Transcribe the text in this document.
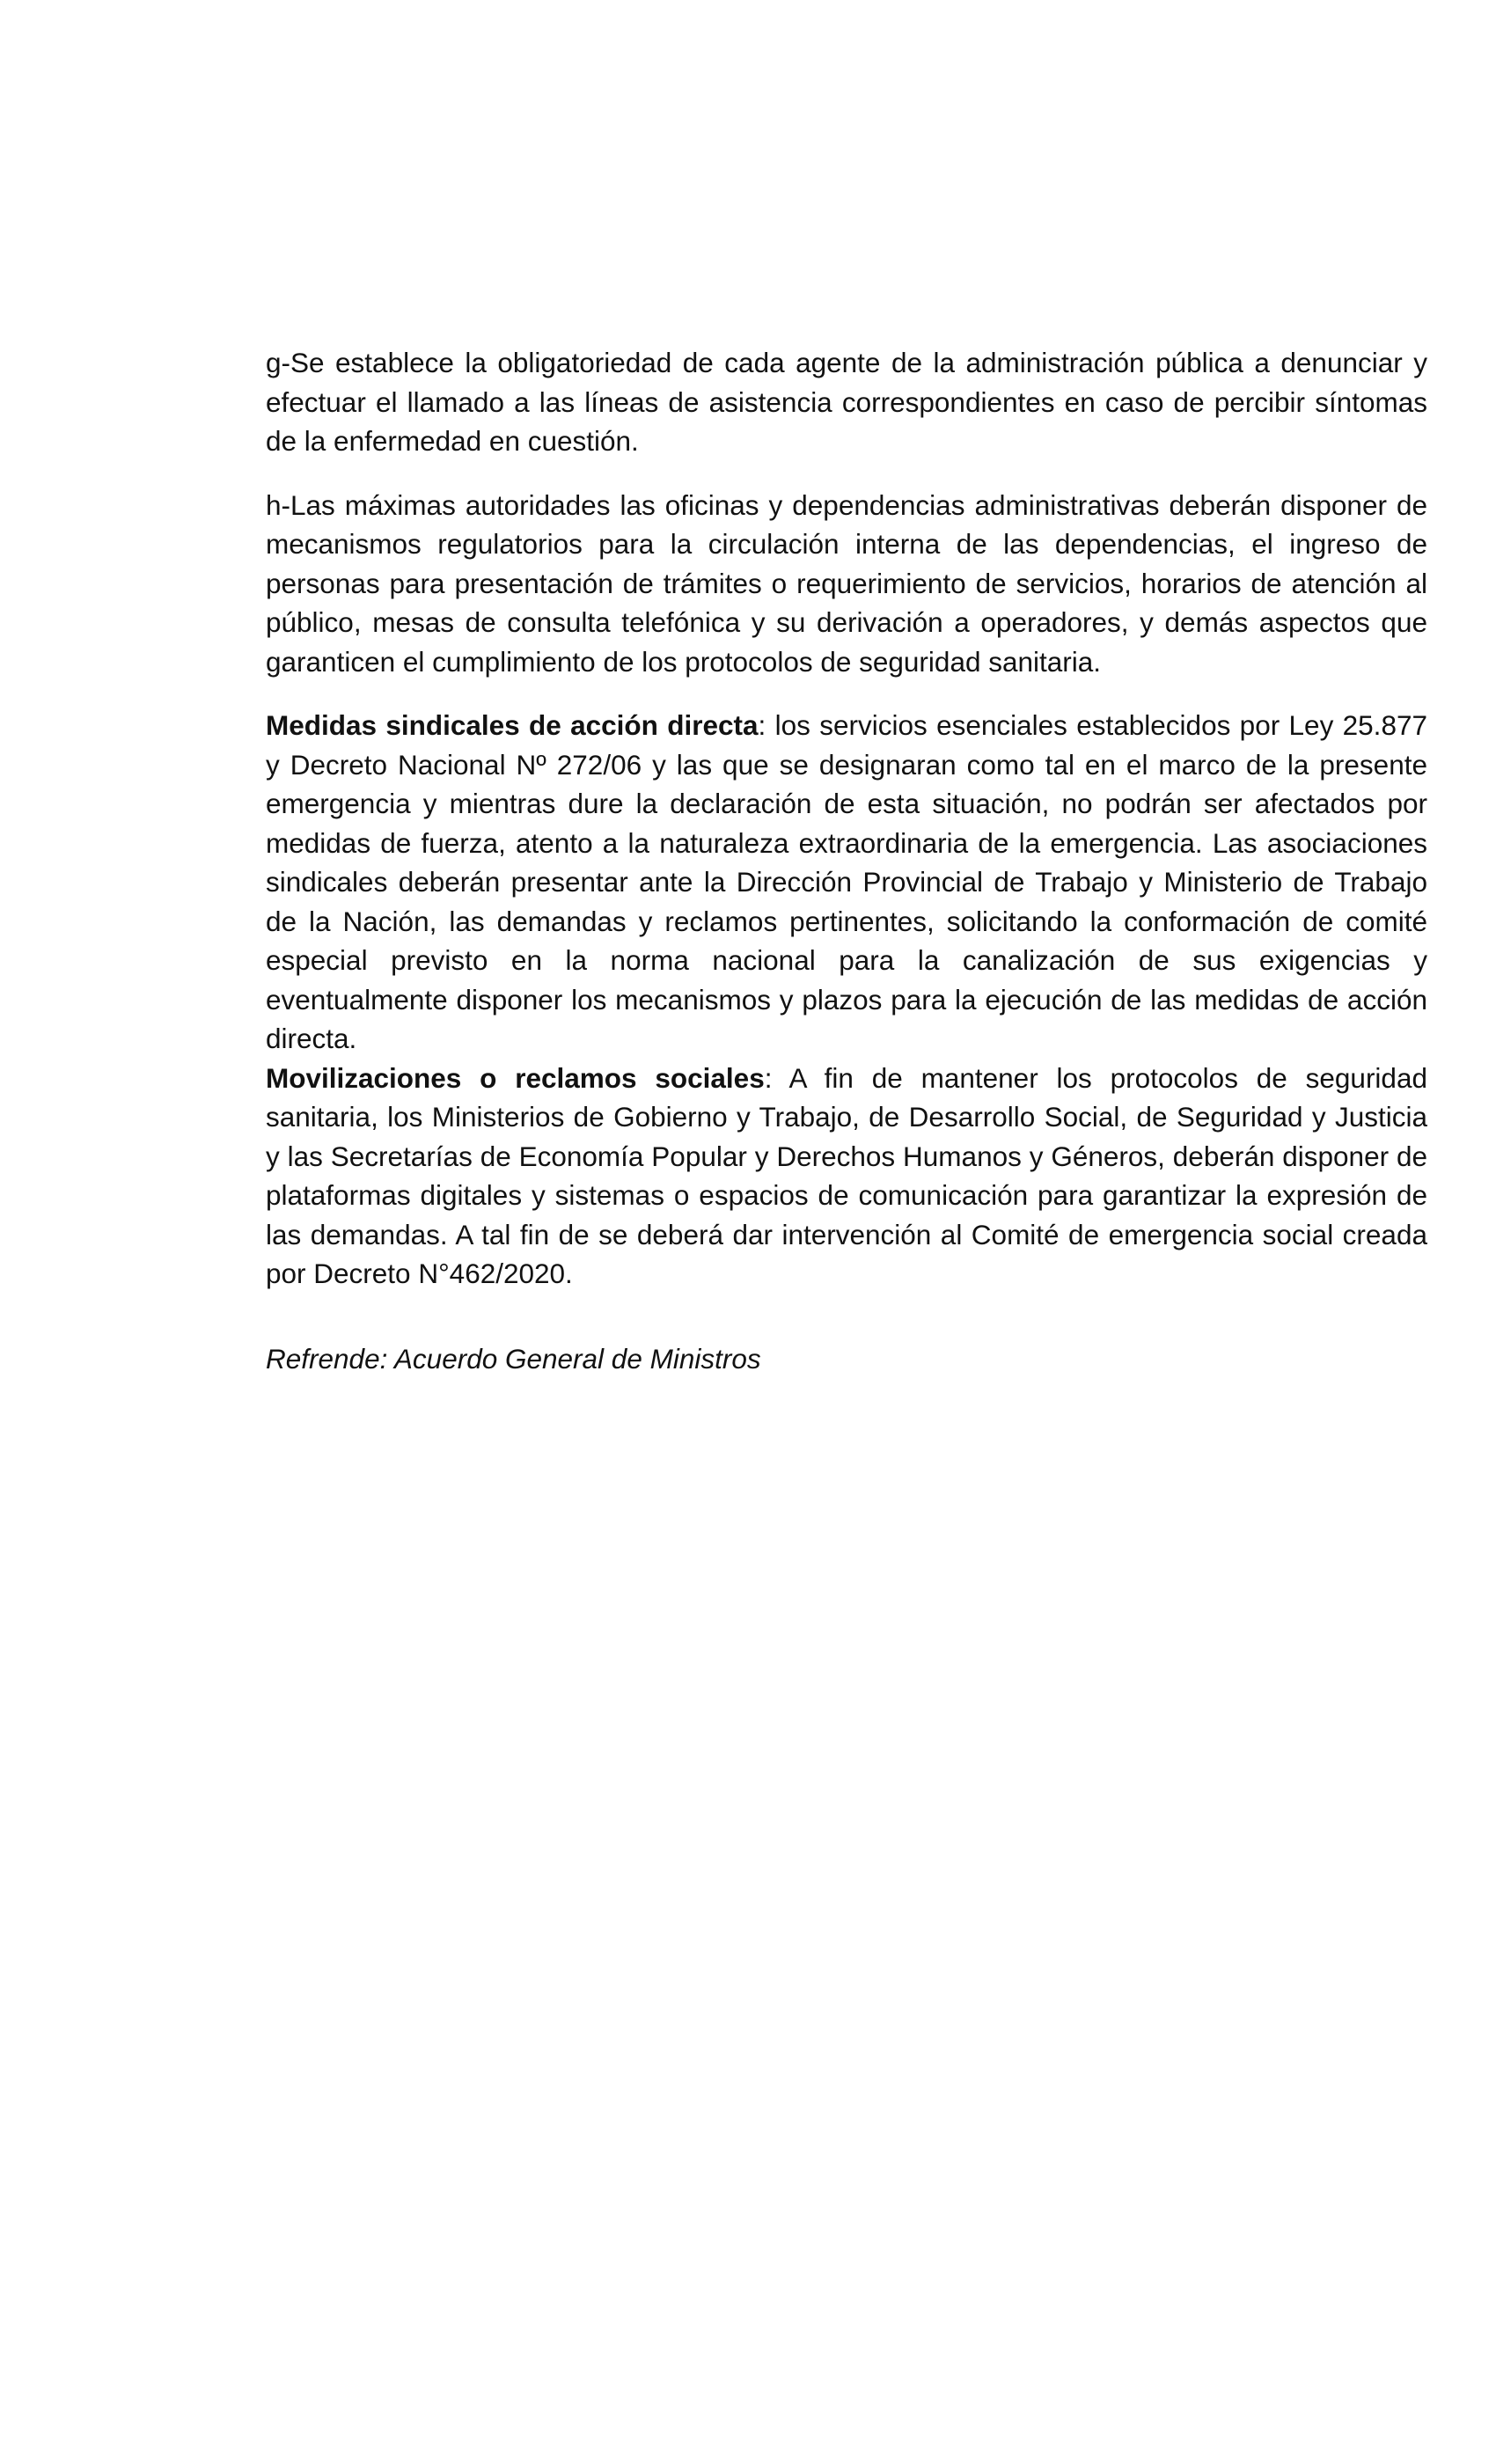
g-Se establece la obligatoriedad de cada agente de la administración pública a denunciar y efectuar el llamado a las líneas de asistencia correspondientes en caso de percibir síntomas de la enfermedad en cuestión.

h-Las máximas autoridades las oficinas y dependencias administrativas deberán disponer de mecanismos regulatorios para la circulación interna de las dependencias, el ingreso de personas para presentación de trámites o requerimiento de servicios, horarios de atención al público, mesas de consulta telefónica y su derivación a operadores, y demás aspectos que garanticen el cumplimiento de los protocolos de seguridad sanitaria.

Medidas sindicales de acción directa: los servicios esenciales establecidos por Ley 25.877 y Decreto Nacional Nº 272/06 y las que se designaran como tal en el marco de la presente emergencia y mientras dure la declaración de esta situación, no podrán ser afectados por medidas de fuerza, atento a la naturaleza extraordinaria de la emergencia. Las asociaciones sindicales deberán presentar ante la Dirección Provincial de Trabajo y Ministerio de Trabajo de la Nación, las demandas y reclamos pertinentes, solicitando la conformación de comité especial previsto en la norma nacional para la canalización de sus exigencias y eventualmente disponer los mecanismos y plazos para la ejecución de las medidas de acción directa.

Movilizaciones o reclamos sociales: A fin de mantener los protocolos de seguridad sanitaria, los Ministerios de Gobierno y Trabajo, de Desarrollo Social, de Seguridad y Justicia y las Secretarías de Economía Popular y Derechos Humanos y Géneros, deberán disponer de plataformas digitales y sistemas o espacios de comunicación para garantizar la expresión de las demandas. A tal fin de se deberá dar intervención al Comité de emergencia social creada por Decreto N°462/2020.

Refrende: Acuerdo General de Ministros
